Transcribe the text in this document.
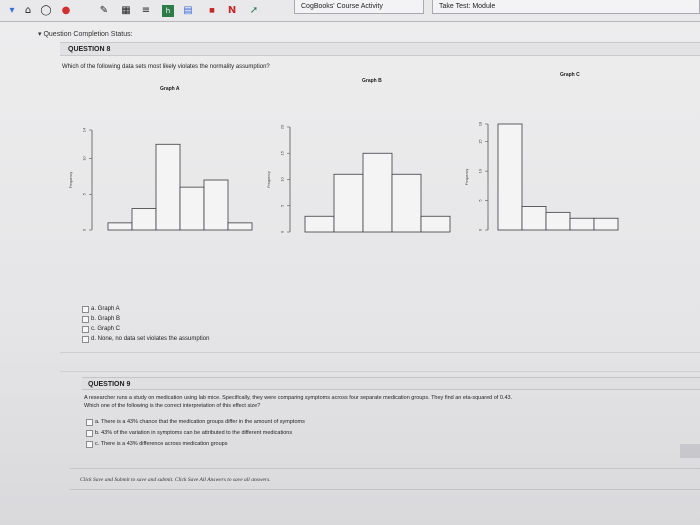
▾	⌂ ◯ ●	✎ ▦ ≡	h	▤	■	N ➚	CogBooks' Course Activity	Take Test: Module
▾ Question Completion Status:
QUESTION 8
Which of the following data sets most likely violates the normality assumption?
Graph A
Graph B
Graph C
0
5
10
14
Frequency
0
5
10
15
20
Frequency
0
5
10
15
18
Frequency
a. Graph A
b. Graph B
c. Graph C
d. None, no data set violates the assumption
QUESTION 9
A researcher runs a study on medication using lab mice. Specifically, they were comparing symptoms across four separate medication groups. They find an eta-squared of 0.43.
Which one of the following is the correct interpretation of this effect size?
a. There is a 43% chance that the medication groups differ in the amount of symptoms
b. 43% of the variation in symptoms can be attributed to the different medications
c. There is a 43% difference across medication groups
Click Save and Submit to save and submit. Click Save All Answers to save all answers.
